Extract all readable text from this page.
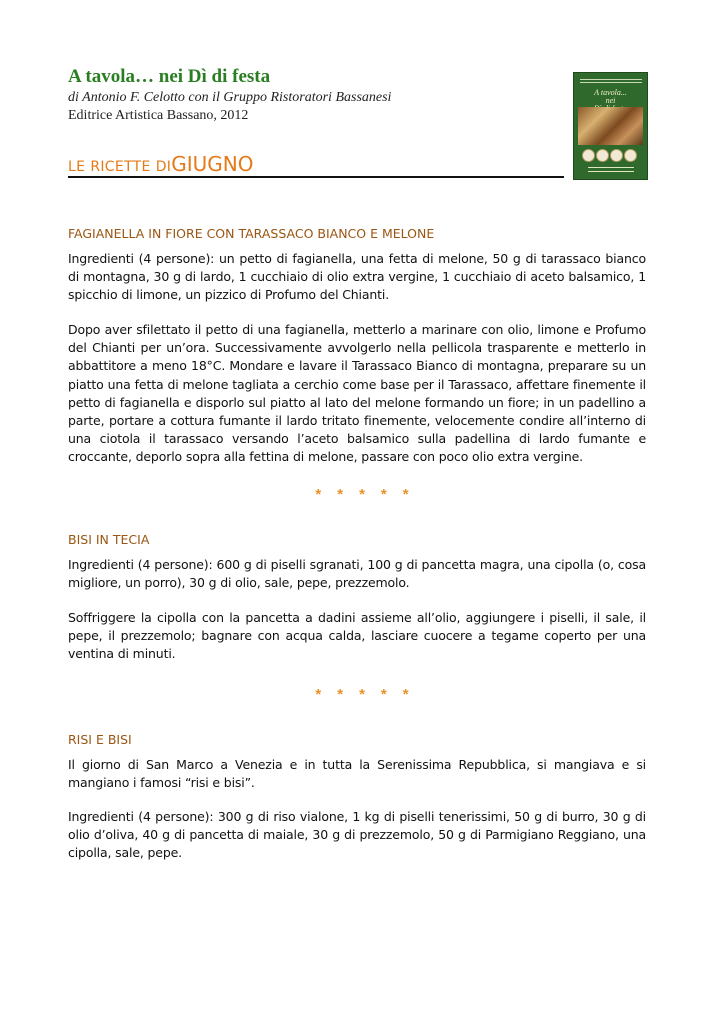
A tavola… nei Dì di festa
di Antonio F. Celotto con il Gruppo Ristoratori Bassanesi
Editrice Artistica Bassano, 2012
A tavola...
nei

LE RICETTE DIGIUGNO
FAGIANELLA IN FIORE CON TARASSACO BIANCO E MELONE

Ingredienti (4 persone): un petto di fagianella, una fetta di melone, 50 g di tarassaco bianco di montagna, 30 g di lardo, 1 cucchiaio di olio extra vergine, 1 cucchiaio di aceto balsamico, 1 spicchio di limone, un pizzico di Profumo del Chianti.

Dopo aver sfilettato il petto di una fagianella, metterlo a marinare con olio, limone e Profumo del Chianti per un’ora. Successivamente avvolgerlo nella pellicola trasparente e metterlo in abbattitore a meno 18°C. Mondare e lavare il Tarassaco Bianco di montagna, preparare su un piatto una fetta di melone tagliata a cerchio come base per il Tarassaco, affettare finemente il petto di fagianella e disporlo sul piatto al lato del melone formando un fiore; in un padellino a parte, portare a cottura fumante il lardo tritato finemente, velocemente condire all’interno di una ciotola il tarassaco versando l’aceto balsamico sulla padellina di lardo fumante e croccante, deporlo sopra alla fettina di melone, passare con poco olio extra vergine.

* * * * *
BISI IN TECIA

Ingredienti (4 persone): 600 g di piselli sgranati, 100 g di pancetta magra, una cipolla (o, cosa migliore, un porro), 30 g di olio, sale, pepe, prezzemolo.

Soffriggere la cipolla con la pancetta a dadini assieme all’olio, aggiungere i piselli, il sale, il pepe, il prezzemolo; bagnare con acqua calda, lasciare cuocere a tegame coperto per una ventina di minuti.

* * * * *
RISI E BISI

Il giorno di San Marco a Venezia e in tutta la Serenissima Repubblica, si mangiava e si mangiano i famosi “risi e bisi”.

Ingredienti (4 persone): 300 g di riso vialone, 1 kg di piselli tenerissimi, 50 g di burro, 30 g di olio d’oliva, 40 g di pancetta di maiale, 30 g di prezzemolo, 50 g di Parmigiano Reggiano, una cipolla, sale, pepe.
